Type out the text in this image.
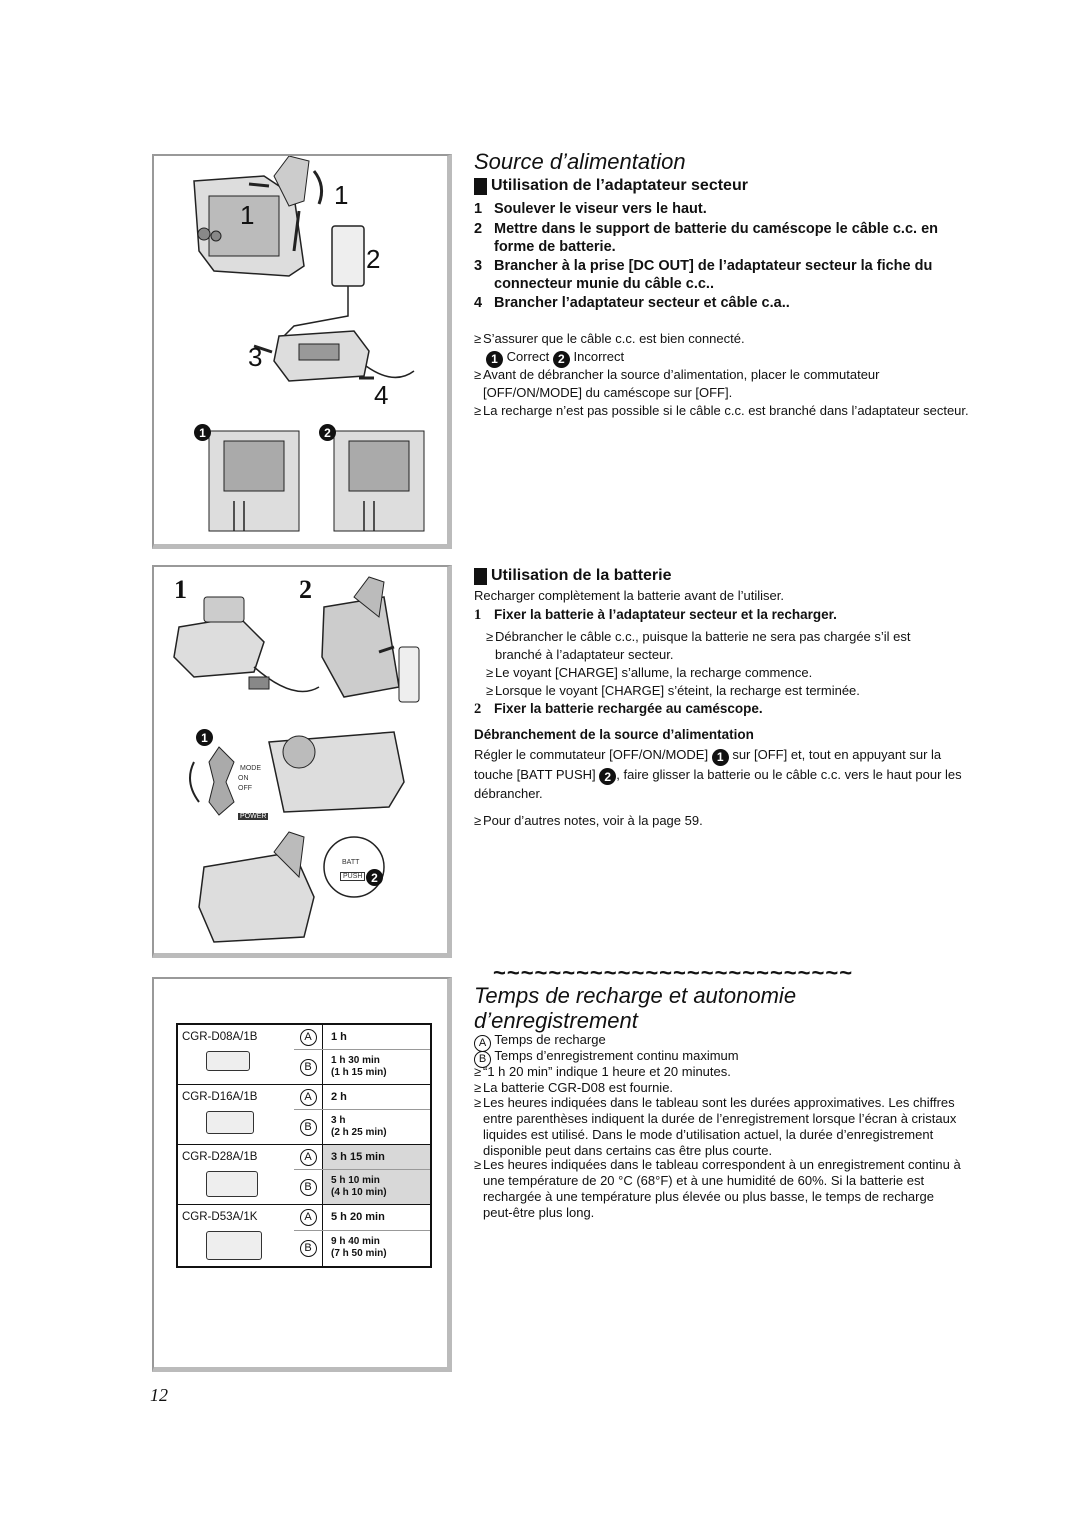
1
1
2
3
4
1	2
1	2
1
MODE
ON
OFF
POWER
BATT
PUSH 2
CGR-D08A/1B	A	1 h
	B	1 h 30 min
(1 h 15 min)

CGR-D16A/1B	A	2 h
	B	3 h
(2 h 25 min)

CGR-D28A/1B	A	3 h 15 min
	B	5 h 10 min
(4 h 10 min)

CGR-D53A/1K	A	5 h 20 min
	B	9 h 40 min
(7 h 50 min)
Source d’alimentation
Utilisation de l’adaptateur secteur
1 Soulever le viseur vers le haut.
2 Mettre dans le support de batterie du caméscope le câble c.c. en forme de batterie.
3 Brancher à la prise [DC OUT] de l’adaptateur secteur la fiche du connecteur munie du câble c.c..
4 Brancher l’adaptateur secteur et câble c.a..
≥ S’assurer que le câble c.c. est bien connecté.
1 Correct 2 Incorrect
≥ Avant de débrancher la source d’alimentation, placer le commutateur [OFF/ON/MODE] du caméscope sur [OFF].
≥ La recharge n’est pas possible si le câble c.c. est branché dans l’adaptateur secteur.
Utilisation de la batterie
Recharger complètement la batterie avant de l’utiliser.
1 Fixer la batterie à l’adaptateur secteur et la recharger.
≥ Débrancher le câble c.c., puisque la batterie ne sera pas chargée s’il est branché à l’adaptateur secteur.
≥ Le voyant [CHARGE] s’allume, la recharge commence.
≥ Lorsque le voyant [CHARGE] s’éteint, la recharge est terminée.
2 Fixer la batterie rechargée au caméscope.
Débranchement de la source d’alimentation
Régler le commutateur [OFF/ON/MODE] 1 sur [OFF] et, tout en appuyant sur la touche [BATT PUSH] 2 , faire glisser la batterie ou le câble c.c. vers le haut pour les débrancher.
≥ Pour d’autres notes, voir à la page 59.
~~~~~~~~~~~~~~~~~~~~~~~~~~
Temps de recharge et autonomie
d’enregistrement
A Temps de recharge
B Temps d’enregistrement continu maximum
≥ “1 h 20 min” indique 1 heure et 20 minutes.
≥ La batterie CGR-D08 est fournie.
≥ Les heures indiquées dans le tableau sont les durées approximatives. Les chiffres entre parenthèses indiquent la durée de l’enregistrement lorsque l’écran à cristaux liquides est utilisé. Dans le mode d’utilisation actuel, la durée d’enregistrement disponible peut dans certains cas être plus courte.
≥ Les heures indiquées dans le tableau correspondent à un enregistrement continu à une température de 20 °C (68°F) et à une humidité de 60%. Si la batterie est rechargée à une température plus élevée ou plus basse, le temps de recharge peut-être plus long.
12
